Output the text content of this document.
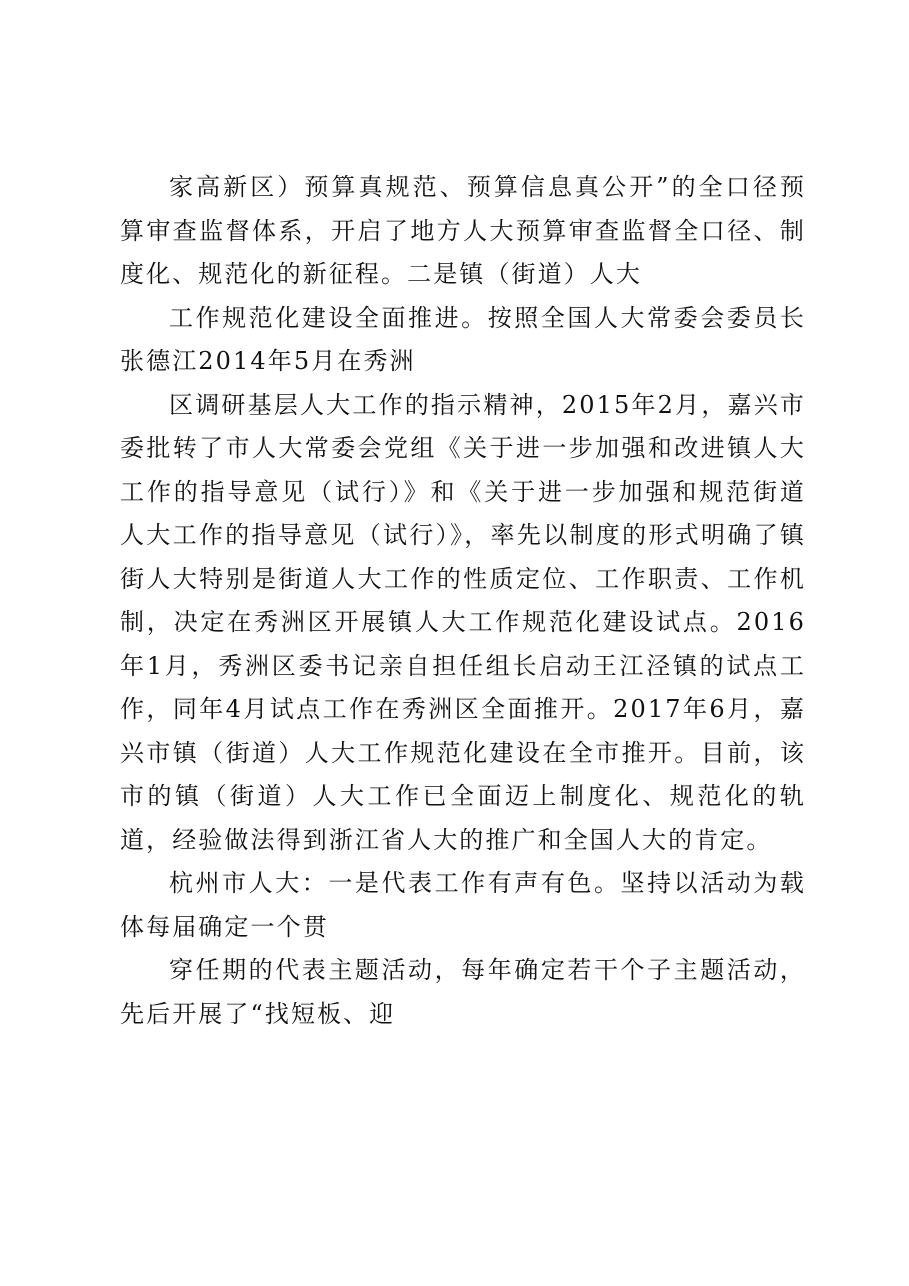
家高新区）预算真规范、预算信息真公开”的全口径预算审查监督体系，开启了地方人大预算审查监督全口径、制度化、规范化的新征程。二是镇（街道）人大

工作规范化建设全面推进。按照全国人大常委会委员长张德江2014年5月在秀洲

区调研基层人大工作的指示精神，2015年2月，嘉兴市委批转了市人大常委会党组《关于进一步加强和改进镇人大工作的指导意见（试行）》和《关于进一步加强和规范街道人大工作的指导意见（试行）》，率先以制度的形式明确了镇街人大特别是街道人大工作的性质定位、工作职责、工作机制，决定在秀洲区开展镇人大工作规范化建设试点。2016年1月，秀洲区委书记亲自担任组长启动王江泾镇的试点工作，同年4月试点工作在秀洲区全面推开。2017年6月，嘉兴市镇（街道）人大工作规范化建设在全市推开。目前，该市的镇（街道）人大工作已全面迈上制度化、规范化的轨道，经验做法得到浙江省人大的推广和全国人大的肯定。

杭州市人大：一是代表工作有声有色。坚持以活动为载体每届确定一个贯

穿任期的代表主题活动，每年确定若干个子主题活动，先后开展了“找短板、迎
